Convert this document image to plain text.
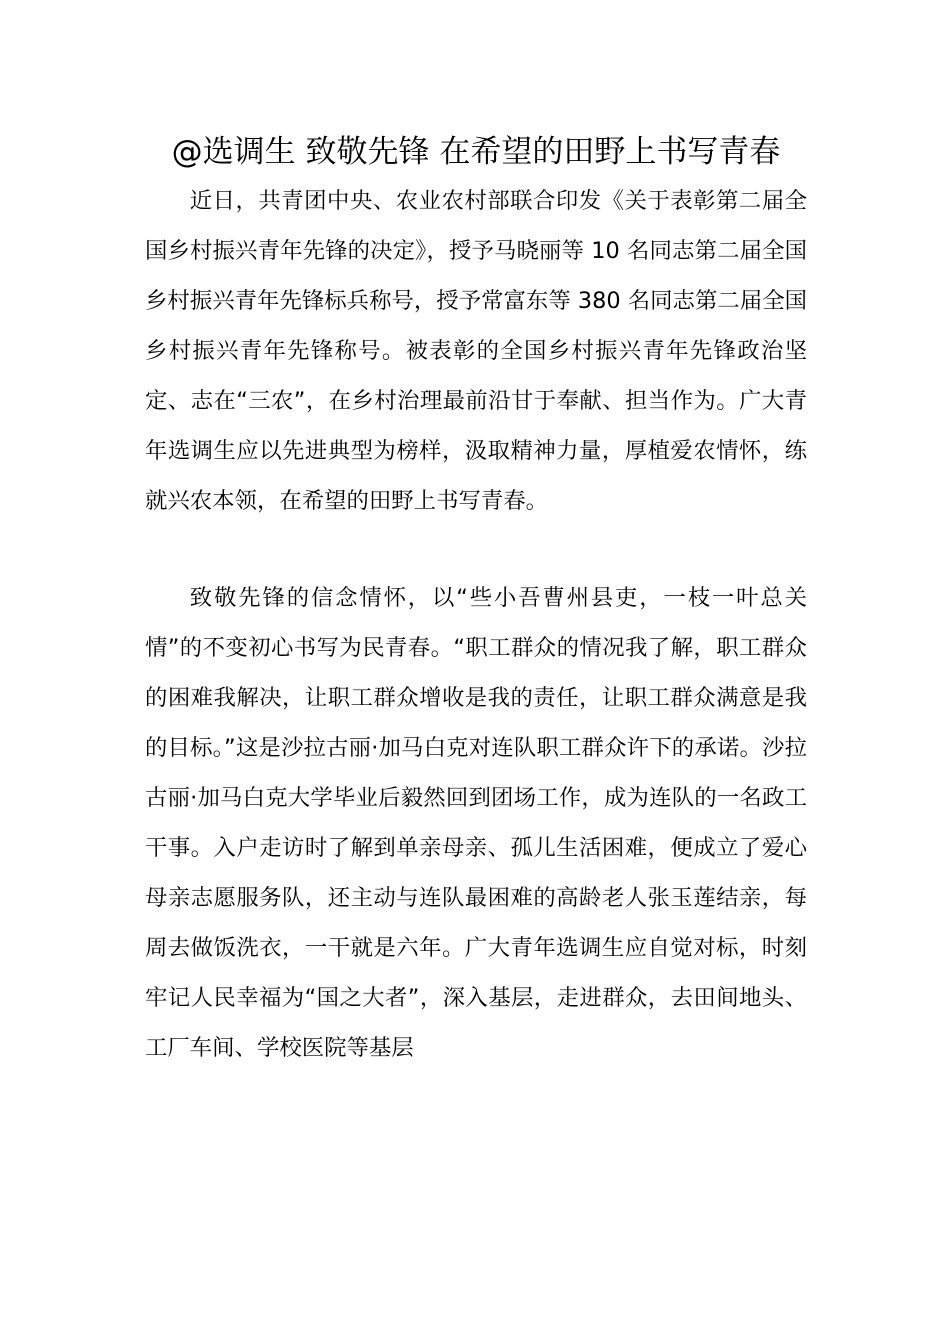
@选调生 致敬先锋 在希望的田野上书写青春

近日，共青团中央、农业农村部联合印发《关于表彰第二届全国乡村振兴青年先锋的决定》，授予马晓丽等 10 名同志第二届全国乡村振兴青年先锋标兵称号，授予常富东等 380 名同志第二届全国乡村振兴青年先锋称号。被表彰的全国乡村振兴青年先锋政治坚定、志在“三农”，在乡村治理最前沿甘于奉献、担当作为。广大青年选调生应以先进典型为榜样，汲取精神力量，厚植爱农情怀，练就兴农本领，在希望的田野上书写青春。

致敬先锋的信念情怀，以“些小吾曹州县吏，一枝一叶总关情”的不变初心书写为民青春。“职工群众的情况我了解，职工群众的困难我解决，让职工群众增收是我的责任，让职工群众满意是我的目标。”这是沙拉古丽·加马白克对连队职工群众许下的承诺。沙拉古丽·加马白克大学毕业后毅然回到团场工作，成为连队的一名政工干事。入户走访时了解到单亲母亲、孤儿生活困难，便成立了爱心母亲志愿服务队，还主动与连队最困难的高龄老人张玉莲结亲，每周去做饭洗衣，一干就是六年。广大青年选调生应自觉对标，时刻牢记人民幸福为“国之大者”，深入基层，走进群众，去田间地头、工厂车间、学校医院等基层
